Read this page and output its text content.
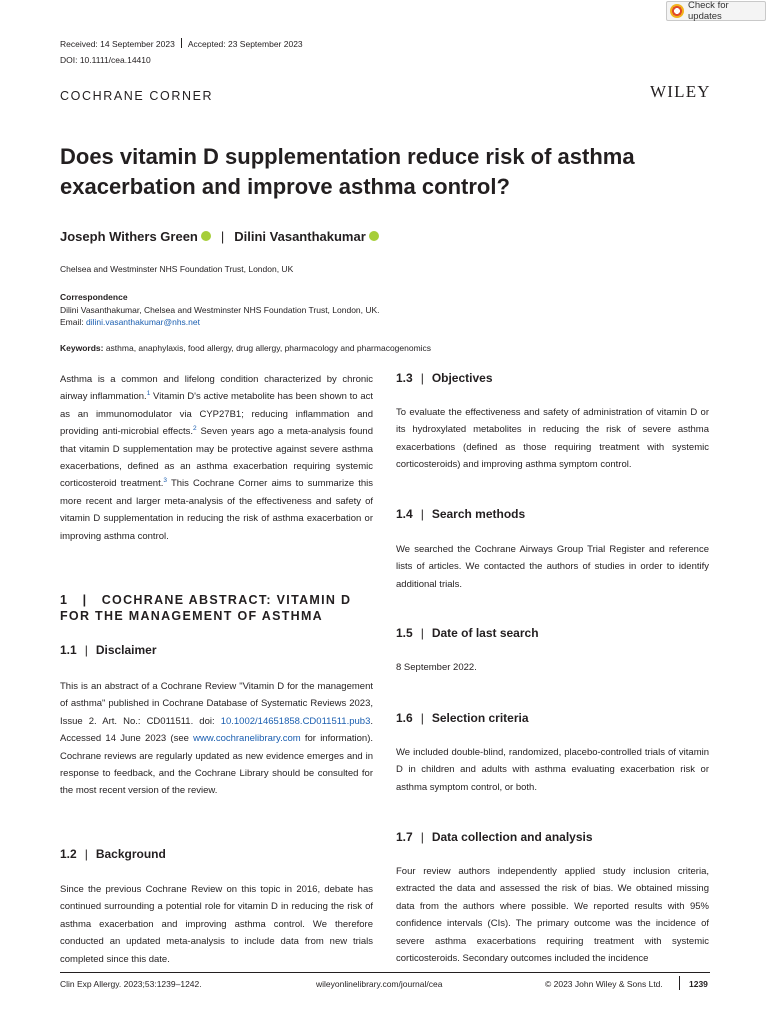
Check for updates
Received: 14 September 2023 Accepted: 23 September 2023
DOI: 10.1111/cea.14410
COCHRANE CORNER	WILEY
Does vitamin D supplementation reduce risk of asthma exacerbation and improve asthma control?
Joseph Withers Green | Dilini Vasanthakumar
Chelsea and Westminster NHS Foundation Trust, London, UK
Correspondence
Dilini Vasanthakumar, Chelsea and Westminster NHS Foundation Trust, London, UK.
Email: dilini.vasanthakumar@nhs.net
Keywords: asthma, anaphylaxis, food allergy, drug allergy, pharmacology and pharmacogenomics
Asthma is a common and lifelong condition characterized by chronic airway inflammation.$^1$ Vitamin D's active metabolite has been shown to act as an immunomodulator via CYP27B1; reducing inflammation and providing anti-microbial effects.$^2$ Seven years ago a meta-analysis found that vitamin D supplementation may be protective against severe asthma exacerbations, defined as an asthma exacerbation requiring systemic corticosteroid treatment.$^3$ This Cochrane Corner aims to summarize this more recent and larger meta-analysis of the effectiveness and safety of vitamin D supplementation in reducing the risk of asthma exacerbation or improving asthma control.
1 | COCHRANE ABSTRACT: VITAMIN D FOR THE MANAGEMENT OF ASTHMA
1.1 | Disclaimer
This is an abstract of a Cochrane Review "Vitamin D for the management of asthma" published in Cochrane Database of Systematic Reviews 2023, Issue 2. Art. No.: CD011511. doi: 10.1002/14651858.CD011511.pub3. Accessed 14 June 2023 (see www.cochranelibrary.com for information). Cochrane reviews are regularly updated as new evidence emerges and in response to feedback, and the Cochrane Library should be consulted for the most recent version of the review.
1.2 | Background
Since the previous Cochrane Review on this topic in 2016, debate has continued surrounding a potential role for vitamin D in reducing the risk of asthma exacerbation and improving asthma control. We therefore conducted an updated meta-analysis to include data from new trials completed since this date.
1.3 | Objectives
To evaluate the effectiveness and safety of administration of vitamin D or its hydroxylated metabolites in reducing the risk of severe asthma exacerbations (defined as those requiring treatment with systemic corticosteroids) and improving asthma symptom control.
1.4 | Search methods
We searched the Cochrane Airways Group Trial Register and reference lists of articles. We contacted the authors of studies in order to identify additional trials.
1.5 | Date of last search
8 September 2022.
1.6 | Selection criteria
We included double-blind, randomized, placebo-controlled trials of vitamin D in children and adults with asthma evaluating exacerbation risk or asthma symptom control, or both.
1.7 | Data collection and analysis
Four review authors independently applied study inclusion criteria, extracted the data and assessed the risk of bias. We obtained missing data from the authors where possible. We reported results with 95% confidence intervals (CIs). The primary outcome was the incidence of severe asthma exacerbations requiring treatment with systemic corticosteroids. Secondary outcomes included the incidence
Clin Exp Allergy. 2023;53:1239–1242.	wileyonlinelibrary.com/journal/cea	© 2023 John Wiley & Sons Ltd.	1239
